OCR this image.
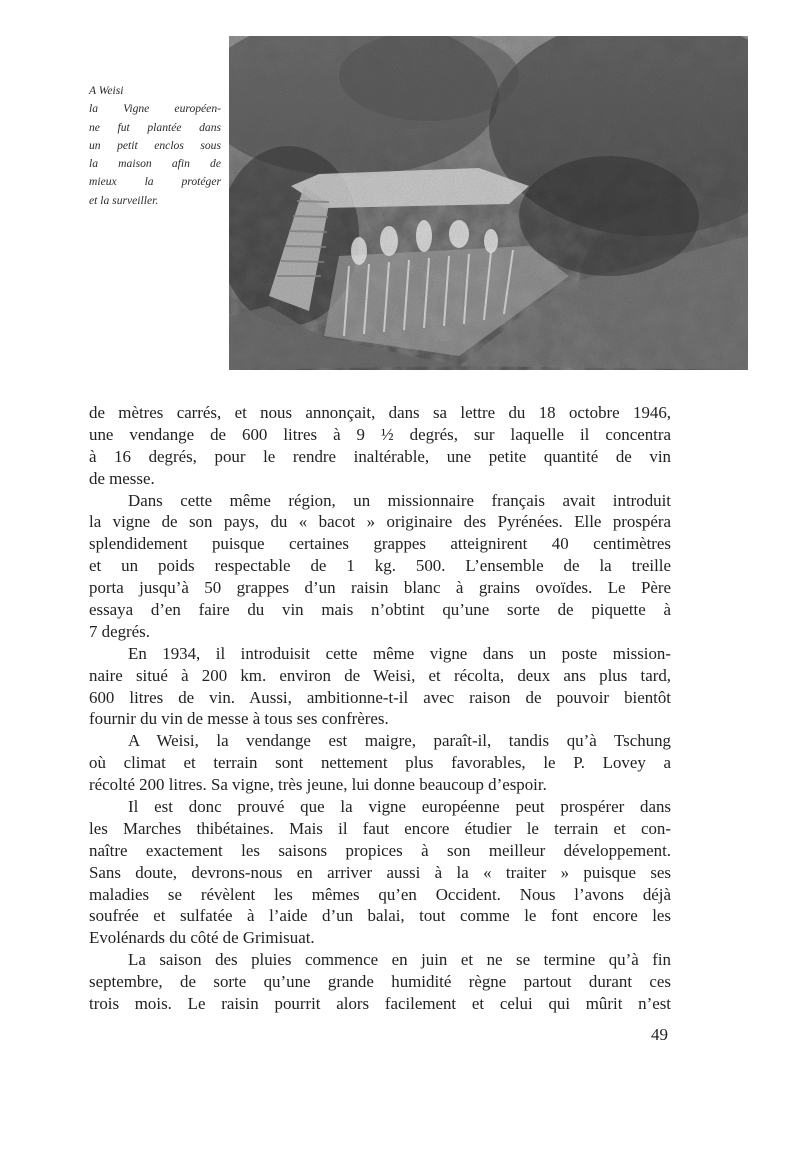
A Weisi
la Vigne européen-
ne fut plantée dans
un petit enclos sous
la maison afin de
mieux la protéger
et la surveiller.
de mètres carrés, et nous annonçait, dans sa lettre du 18 octobre 1946,
une vendange de 600 litres à 9 ½ degrés, sur laquelle il concentra
à 16 degrés, pour le rendre inaltérable, une petite quantité de vin
de messe.
Dans cette même région, un missionnaire français avait introduit
la vigne de son pays, du « bacot » originaire des Pyrénées. Elle prospéra
splendidement puisque certaines grappes atteignirent 40 centimètres
et un poids respectable de 1 kg. 500. L’ensemble de la treille
porta jusqu’à 50 grappes d’un raisin blanc à grains ovoïdes. Le Père
essaya d’en faire du vin mais n’obtint qu’une sorte de piquette à
7 degrés.
En 1934, il introduisit cette même vigne dans un poste mission-
naire situé à 200 km. environ de Weisi, et récolta, deux ans plus tard,
600 litres de vin. Aussi, ambitionne-t-il avec raison de pouvoir bientôt
fournir du vin de messe à tous ses confrères.
A Weisi, la vendange est maigre, paraît-il, tandis qu’à Tschung
où climat et terrain sont nettement plus favorables, le P. Lovey a
récolté 200 litres. Sa vigne, très jeune, lui donne beaucoup d’espoir.
Il est donc prouvé que la vigne européenne peut prospérer dans
les Marches thibétaines. Mais il faut encore étudier le terrain et con-
naître exactement les saisons propices à son meilleur développement.
Sans doute, devrons-nous en arriver aussi à la « traiter » puisque ses
maladies se révèlent les mêmes qu’en Occident. Nous l’avons déjà
soufrée et sulfatée à l’aide d’un balai, tout comme le font encore les
Evolénards du côté de Grimisuat.
La saison des pluies commence en juin et ne se termine qu’à fin
septembre, de sorte qu’une grande humidité règne partout durant ces
trois mois. Le raisin pourrit alors facilement et celui qui mûrit n’est
49
